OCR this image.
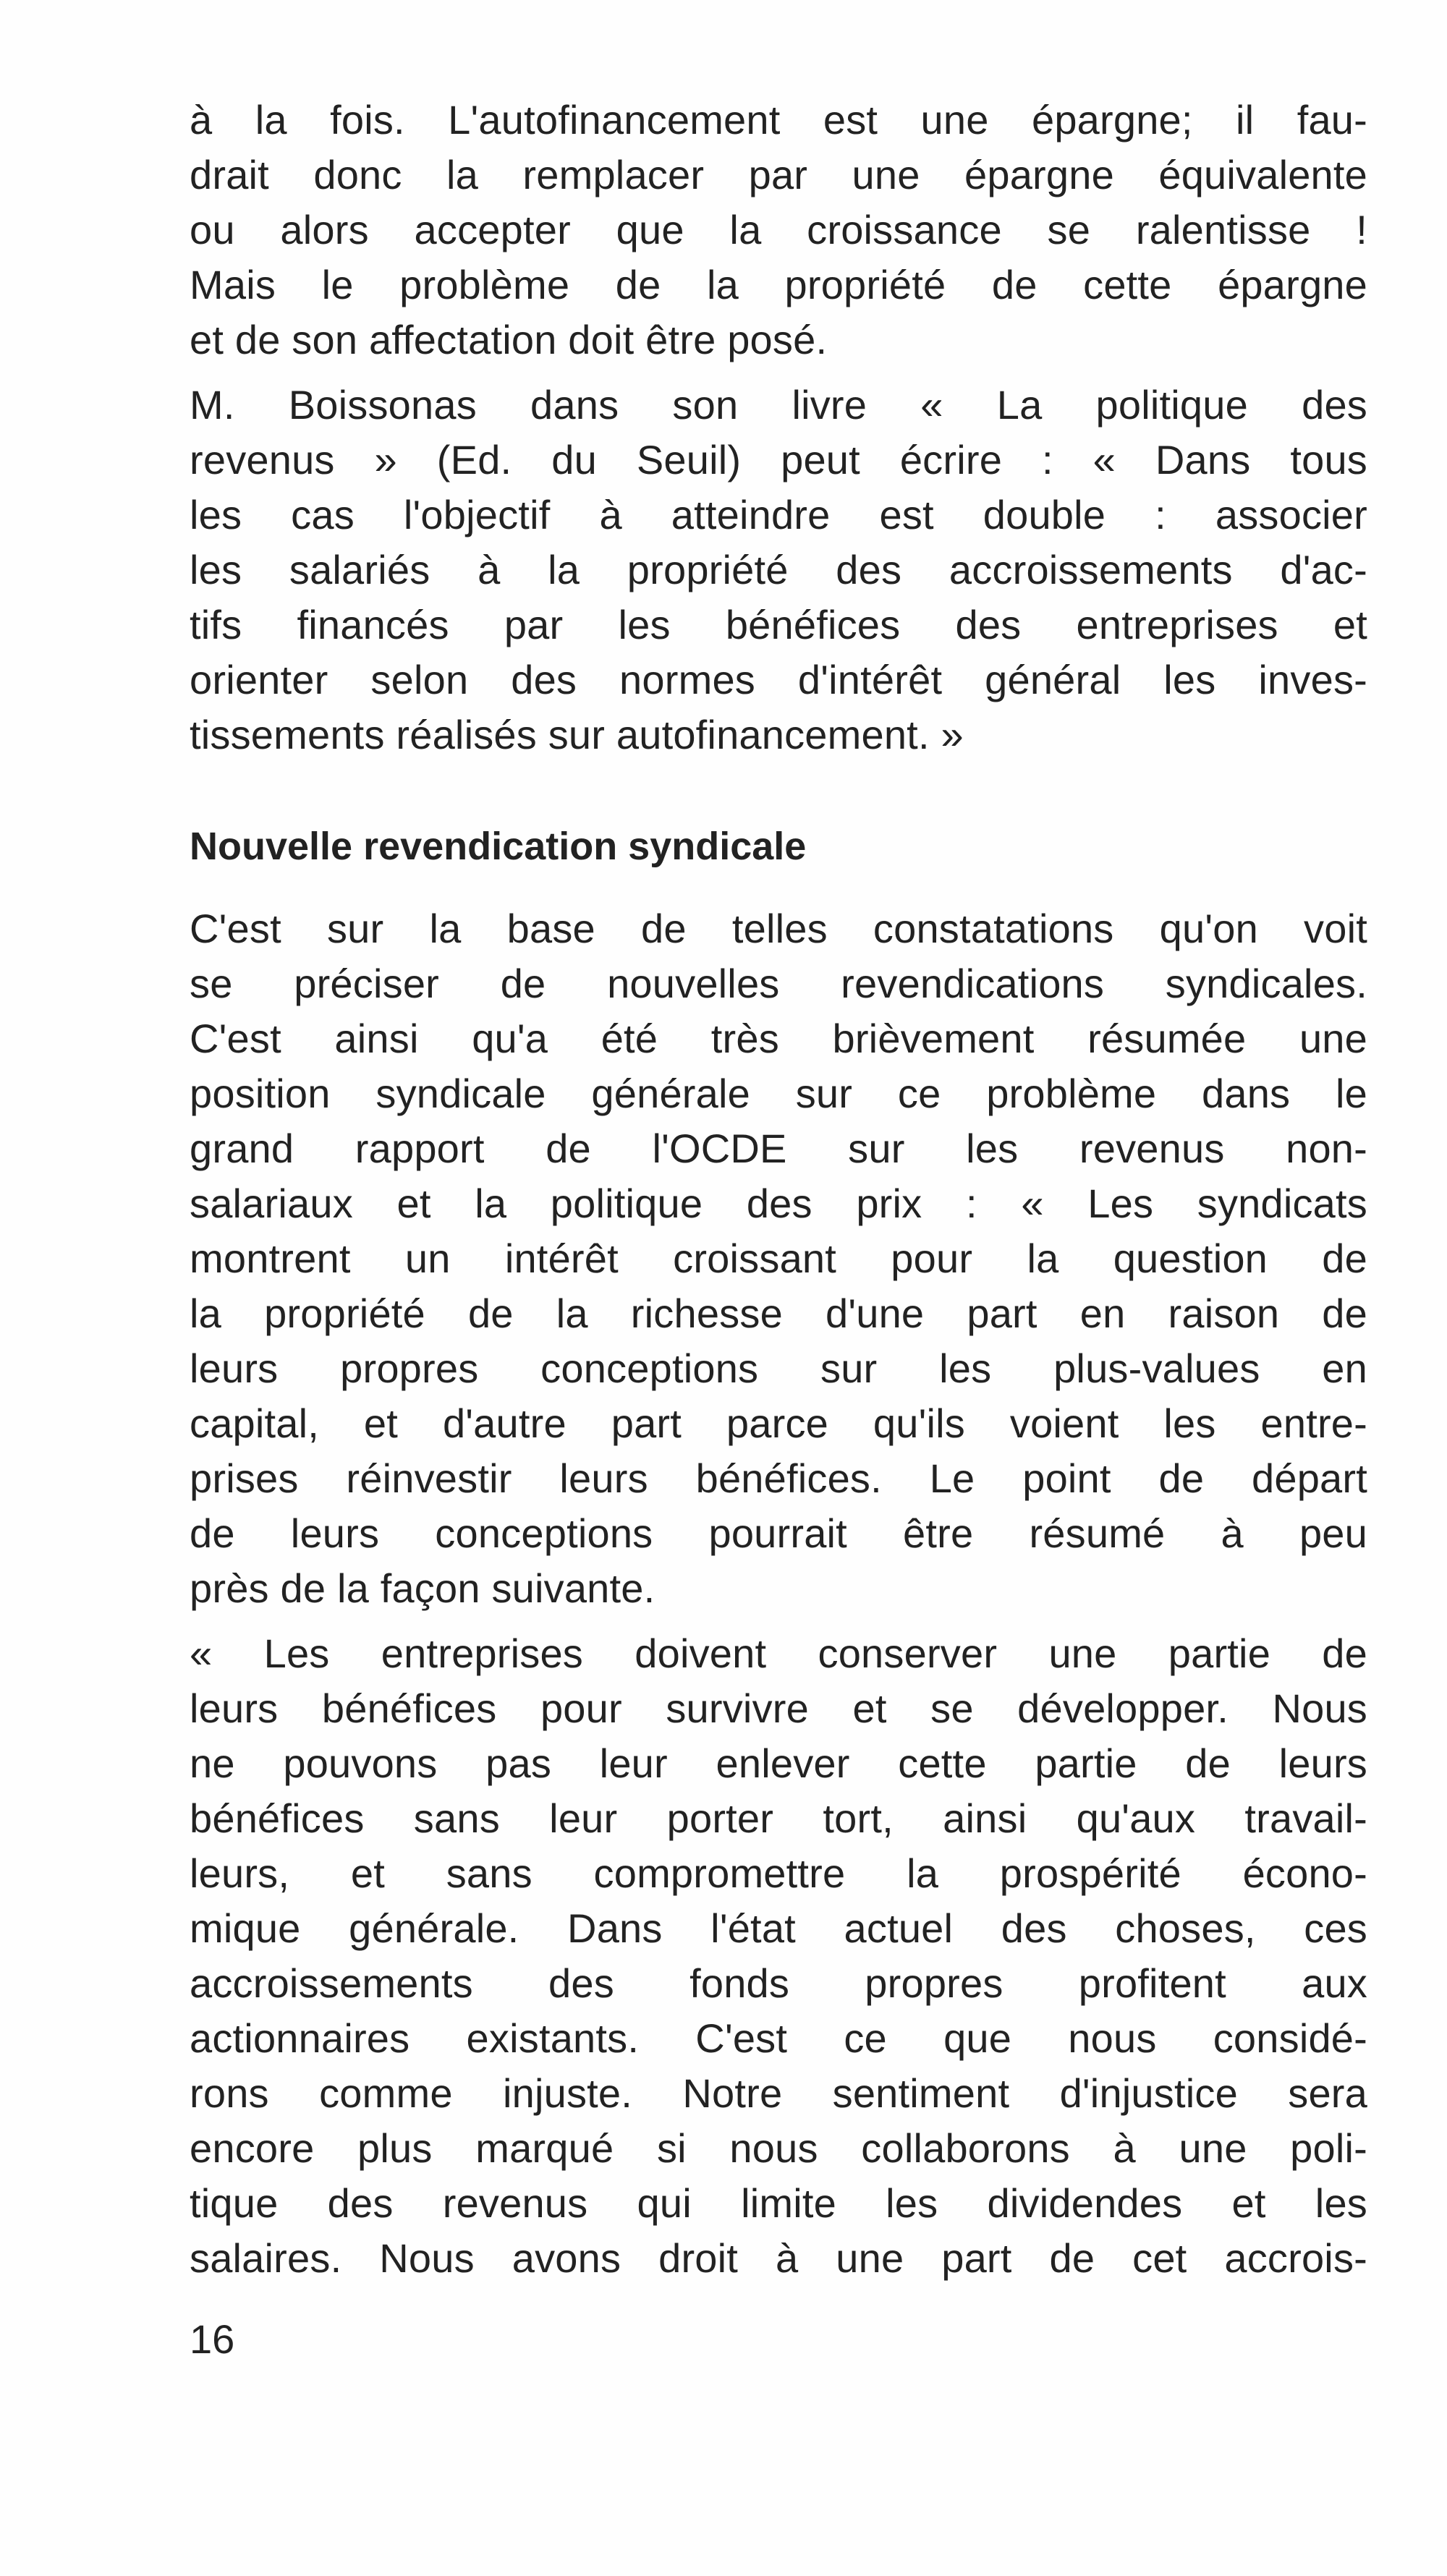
à la fois. L'autofinancement est une épargne; il fau-
drait donc la remplacer par une épargne équivalente
ou alors accepter que la croissance se ralentisse !
Mais le problème de la propriété de cette épargne
et de son affectation doit être posé.
M. Boissonas dans son livre « La politique des
revenus » (Ed. du Seuil) peut écrire : « Dans tous
les cas l'objectif à atteindre est double : associer
les salariés à la propriété des accroissements d'ac-
tifs financés par les bénéfices des entreprises et
orienter selon des normes d'intérêt général les inves-
tissements réalisés sur autofinancement. »
Nouvelle revendication syndicale
C'est sur la base de telles constatations qu'on voit
se préciser de nouvelles revendications syndicales.
C'est ainsi qu'a été très brièvement résumée une
position syndicale générale sur ce problème dans le
grand rapport de l'OCDE sur les revenus non-
salariaux et la politique des prix : « Les syndicats
montrent un intérêt croissant pour la question de
la propriété de la richesse d'une part en raison de
leurs propres conceptions sur les plus-values en
capital, et d'autre part parce qu'ils voient les entre-
prises réinvestir leurs bénéfices. Le point de départ
de leurs conceptions pourrait être résumé à peu
près de la façon suivante.
« Les entreprises doivent conserver une partie de
leurs bénéfices pour survivre et se développer. Nous
ne pouvons pas leur enlever cette partie de leurs
bénéfices sans leur porter tort, ainsi qu'aux travail-
leurs, et sans compromettre la prospérité écono-
mique générale. Dans l'état actuel des choses, ces
accroissements des fonds propres profitent aux
actionnaires existants. C'est ce que nous considé-
rons comme injuste. Notre sentiment d'injustice sera
encore plus marqué si nous collaborons à une poli-
tique des revenus qui limite les dividendes et les
salaires. Nous avons droit à une part de cet accrois-
16
